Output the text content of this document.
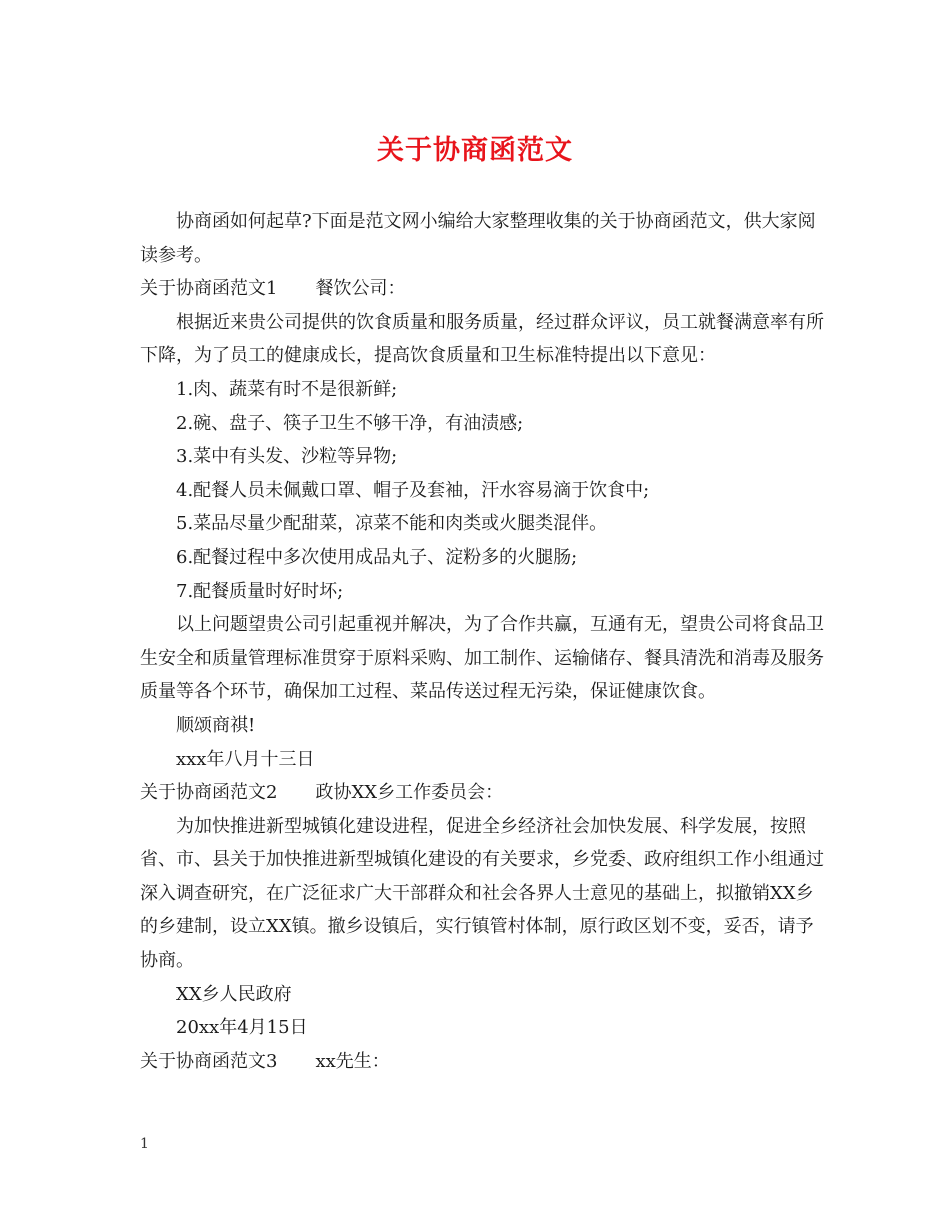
关于协商函范文

协商函如何起草?下面是范文网小编给大家整理收集的关于协商函范文，供大家阅读参考。

关于协商函范文1 餐饮公司：

根据近来贵公司提供的饮食质量和服务质量，经过群众评议，员工就餐满意率有所下降，为了员工的健康成长，提高饮食质量和卫生标准特提出以下意见：

1.肉、蔬菜有时不是很新鲜;

2.碗、盘子、筷子卫生不够干净，有油渍感;

3.菜中有头发、沙粒等异物;

4.配餐人员未佩戴口罩、帽子及套袖，汗水容易滴于饮食中;

5.菜品尽量少配甜菜，凉菜不能和肉类或火腿类混伴。

6.配餐过程中多次使用成品丸子、淀粉多的火腿肠;

7.配餐质量时好时坏;

以上问题望贵公司引起重视并解决，为了合作共赢，互通有无，望贵公司将食品卫生安全和质量管理标准贯穿于原料采购、加工制作、运输储存、餐具清洗和消毒及服务质量等各个环节，确保加工过程、菜品传送过程无污染，保证健康饮食。

顺颂商祺!

xxx年八月十三日

关于协商函范文2 政协XX乡工作委员会：

为加快推进新型城镇化建设进程，促进全乡经济社会加快发展、科学发展，按照省、市、县关于加快推进新型城镇化建设的有关要求，乡党委、政府组织工作小组通过深入调查研究，在广泛征求广大干部群众和社会各界人士意见的基础上，拟撤销XX乡的乡建制，设立XX镇。撤乡设镇后，实行镇管村体制，原行政区划不变，妥否，请予协商。

XX乡人民政府

20xx年4月15日

关于协商函范文3 xx先生：

1
